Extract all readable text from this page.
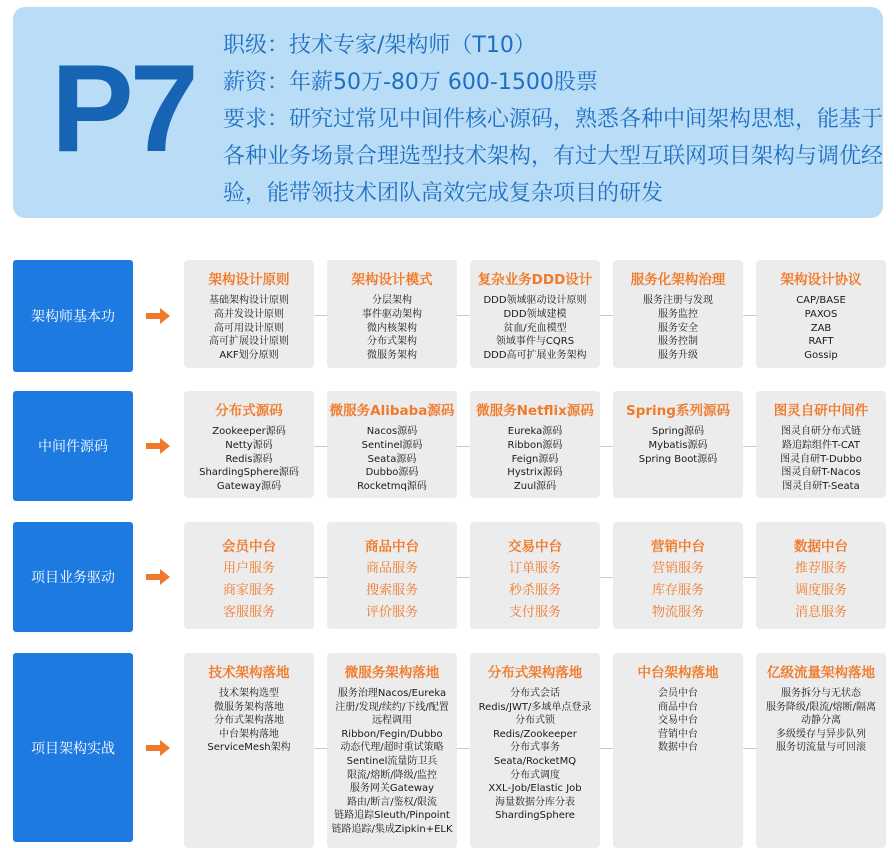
P7 职级：技术专家/架构师（T10）
薪资：年薪50万-80万 600-1500股票
要求：研究过常见中间件核心源码，熟悉各种中间架构思想，能基于各种业务场景合理选型技术架构，有过大型互联网项目架构与调优经验，能带领技术团队高效完成复杂项目的研发
架构师基本功
架构设计原则
基础架构设计原则
高并发设计原则
高可用设计原则
高可扩展设计原则
AKF划分原则
架构设计模式
分层架构
事件驱动架构
微内核架构
分布式架构
微服务架构
复杂业务DDD设计
DDD领域驱动设计原则
DDD领域建模
贫血/充血模型
领域事件与CQRS
DDD高可扩展业务架构
服务化架构治理
服务注册与发现
服务监控
服务安全
服务控制
服务升级
架构设计协议
CAP/BASE
PAXOS
ZAB
RAFT
Gossip
中间件源码
分布式源码
Zookeeper源码
Netty源码
Redis源码
ShardingSphere源码
Gateway源码
微服务Alibaba源码
Nacos源码
Sentinel源码
Seata源码
Dubbo源码
Rocketmq源码
微服务Netflix源码
Eureka源码
Ribbon源码
Feign源码
Hystrix源码
Zuul源码
Spring系列源码
Spring源码
Mybatis源码
Spring Boot源码
图灵自研中间件
图灵自研分布式链
路追踪组件T-CAT
图灵自研T-Dubbo
图灵自研T-Nacos
图灵自研T-Seata
项目业务驱动
会员中台
用户服务
商家服务
客服服务
商品中台
商品服务
搜索服务
评价服务
交易中台
订单服务
秒杀服务
支付服务
营销中台
营销服务
库存服务
物流服务
数据中台
推荐服务
调度服务
消息服务
项目架构实战
技术架构落地
技术架构选型
微服务架构落地
分布式架构落地
中台架构落地
ServiceMesh架构
微服务架构落地
服务治理Nacos/Eureka
注册/发现/续约/下线/配置
远程调用
Ribbon/Fegin/Dubbo
动态代理/超时重试策略
Sentinel流量防卫兵
限流/熔断/降级/监控
服务网关Gateway
路由/断言/鉴权/限流
链路追踪Sleuth/Pinpoint
链路追踪/集成Zipkin+ELK
分布式架构落地
分布式会话
Redis/JWT/多域单点登录
分布式锁
Redis/Zookeeper
分布式事务
Seata/RocketMQ
分布式调度
XXL-Job/Elastic Job
海量数据分库分表
ShardingSphere
中台架构落地
会员中台
商品中台
交易中台
营销中台
数据中台
亿级流量架构落地
服务拆分与无状态
服务降级/限流/熔断/隔离
动静分离
多级缓存与异步队列
服务切流量与可回滚
